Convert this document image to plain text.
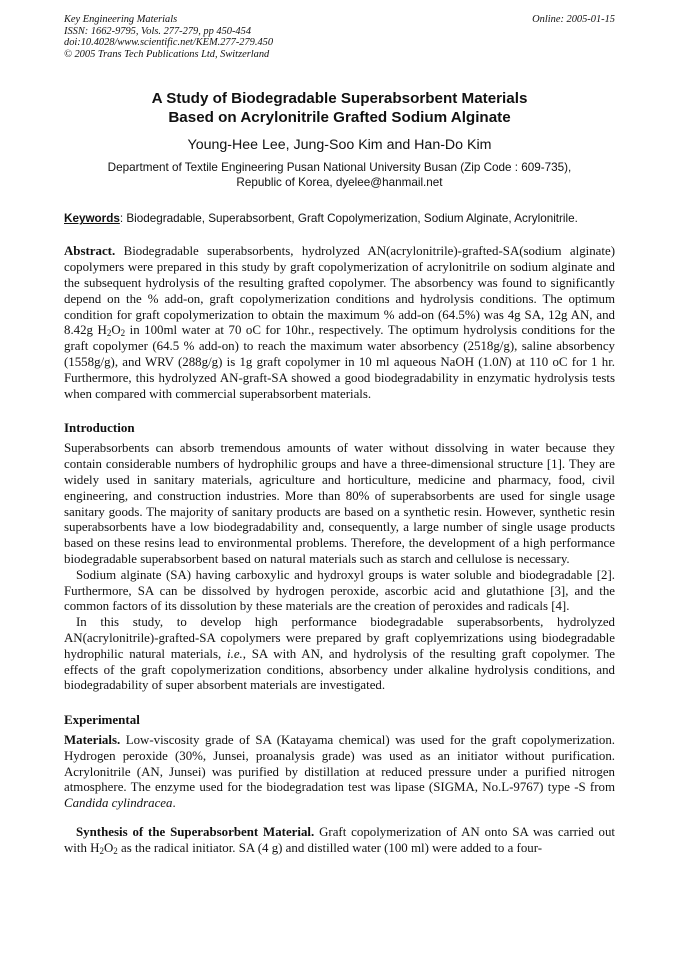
Key Engineering Materials
ISSN: 1662-9795, Vols. 277-279, pp 450-454
doi:10.4028/www.scientific.net/KEM.277-279.450
© 2005 Trans Tech Publications Ltd, Switzerland
Online: 2005-01-15
A Study of Biodegradable Superabsorbent Materials
Based on Acrylonitrile Grafted Sodium Alginate
Young-Hee Lee, Jung-Soo Kim and Han-Do Kim
Department of Textile Engineering Pusan National University Busan (Zip Code : 609-735),
Republic of Korea, dyelee@hanmail.net
Keywords: Biodegradable, Superabsorbent, Graft Copolymerization, Sodium Alginate, Acrylonitrile.
Abstract. Biodegradable superabsorbents, hydrolyzed AN(acrylonitrile)-grafted-SA(sodium alginate) copolymers were prepared in this study by graft copolymerization of acrylonitrile on sodium alginate and the subsequent hydrolysis of the resulting grafted copolymer. The absorbency was found to significantly depend on the % add-on, graft copolymerization conditions and hydrolysis conditions. The optimum condition for graft copolymerization to obtain the maximum % add-on (64.5%) was 4g SA, 12g AN, and 8.42g $H_2O_2$ in 100ml water at 70 oC for 10hr., respectively. The optimum hydrolysis conditions for the graft copolymer (64.5 % add-on) to reach the maximum water absorbency (2518g/g), saline absorbency (1558g/g), and WRV (288g/g) is 1g graft copolymer in 10 ml aqueous NaOH (1.0N) at 110 oC for 1 hr. Furthermore, this hydrolyzed AN-graft-SA showed a good biodegradability in enzymatic hydrolysis tests when compared with commercial superabsorbent materials.
Introduction
Superabsorbents can absorb tremendous amounts of water without dissolving in water because they contain considerable numbers of hydrophilic groups and have a three-dimensional structure [1]. They are widely used in sanitary materials, agriculture and horticulture, medicine and pharmacy, food, civil engineering, and construction industries. More than 80% of superabsorbents are used for single usage sanitary goods. The majority of sanitary products are based on a synthetic resin. However, synthetic resin superabsorbents have a low biodegradability and, consequently, a large number of single usage products based on these resins lead to environmental problems. Therefore, the development of a high performance biodegradable superabsorbent based on natural materials such as starch and cellulose is necessary.
Sodium alginate (SA) having carboxylic and hydroxyl groups is water soluble and biodegradable [2]. Furthermore, SA can be dissolved by hydrogen peroxide, ascorbic acid and glutathione [3], and the common factors of its dissolution by these materials are the creation of peroxides and radicals [4].
In this study, to develop high performance biodegradable superabsorbents, hydrolyzed AN(acrylonitrile)-grafted-SA copolymers were prepared by graft coplyemrizations using biodegradable hydrophilic natural materials, i.e., SA with AN, and hydrolysis of the resulting graft copolymer. The effects of the graft copolymerization conditions, absorbency under alkaline hydrolysis conditions, and biodegradability of super absorbent materials are investigated.
Experimental
Materials. Low-viscosity grade of SA (Katayama chemical) was used for the graft copolymerization. Hydrogen peroxide (30%, Junsei, proanalysis grade) was used as an initiator without purification. Acrylonitrile (AN, Junsei) was purified by distillation at reduced pressure under a purified nitrogen atmosphere. The enzyme used for the biodegradation test was lipase (SIGMA, No.L-9767) type -S from Candida cylindracea.
Synthesis of the Superabsorbent Material. Graft copolymerization of AN onto SA was carried out with $H_2O_2$ as the radical initiator. SA (4 g) and distilled water (100 ml) were added to a four-
